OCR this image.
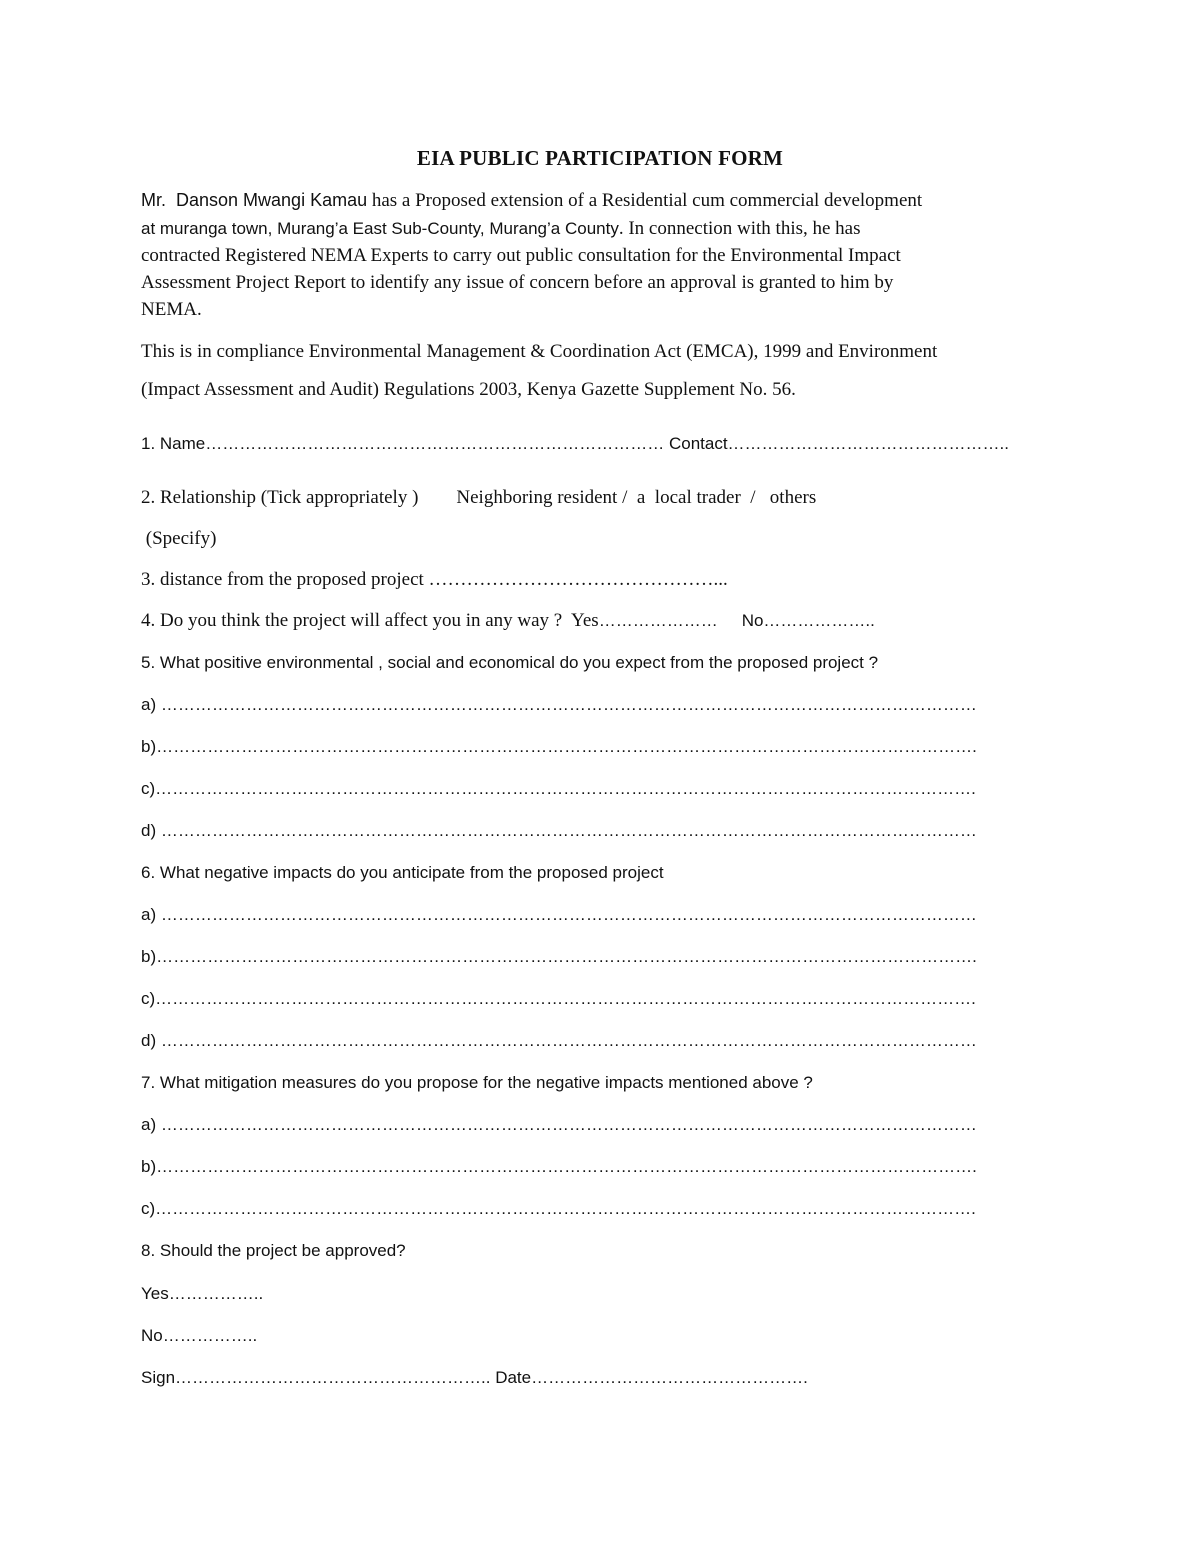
EIA PUBLIC PARTICIPATION FORM
Mr.  Danson Mwangi Kamau has a Proposed extension of a Residential cum commercial development
at muranga town, Murang’a East Sub-County, Murang’a County. In connection with this, he has
contracted Registered NEMA Experts to carry out public consultation for the Environmental Impact
Assessment Project Report to identify any issue of concern before an approval is granted to him by
NEMA.
This is in compliance Environmental Management & Coordination Act (EMCA), 1999 and Environment
(Impact Assessment and Audit) Regulations 2003, Kenya Gazette Supplement No. 56.
1. Name……………………………………………………………………… Contact…………………………………………..
2. Relationship (Tick appropriately ) Neighboring resident /  a  local trader  /   others
(Specify)
3. distance from the proposed project ………………………………………...
4. Do you think the project will affect you in any way ?  Yes………………… No………………..
5. What positive environmental , social and economical do you expect from the proposed project ?
a) ………………………………………………………………………………………………………………………………
b)……………………………………………………………………………………………………………………………….
c)……………………………………………………………………………………………………………………………….
d) ………………………………………………………………………………………………………………………………
6. What negative impacts do you anticipate from the proposed project
a) ………………………………………………………………………………………………………………………………
b)……………………………………………………………………………………………………………………………….
c)……………………………………………………………………………………………………………………………….
d) ………………………………………………………………………………………………………………………………
7. What mitigation measures do you propose for the negative impacts mentioned above ?
a) ………………………………………………………………………………………………………………………………
b)……………………………………………………………………………………………………………………………….
c)……………………………………………………………………………………………………………………………….
8. Should the project be approved?
Yes……………..
No……………..
Sign……………………………………………….. Date………………………………………….
